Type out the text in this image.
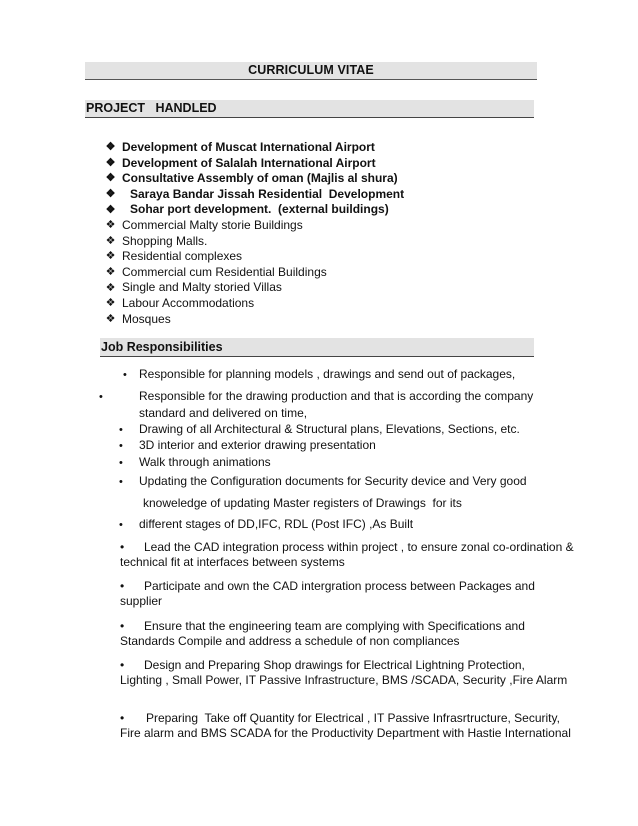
CURRICULUM VITAE
PROJECT   HANDLED
❖ Development of Muscat International Airport
❖ Development of Salalah International Airport
❖ Consultative Assembly of oman (Majlis al shura)
❖	Saraya Bandar Jissah Residential  Development
❖	Sohar port development.  (external buildings)
❖ Commercial Malty storie Buildings
❖ Shopping Malls.
❖ Residential complexes
❖ Commercial cum Residential Buildings
❖ Single and Malty storied Villas
❖ Labour Accommodations
❖ Mosques
Job Responsibilities
• Responsible for planning models , drawings and send out of packages,
•	Responsible for the drawing production and that is according the company standard and delivered on time,
• Drawing of all Architectural & Structural plans, Elevations, Sections, etc.
• 3D interior and exterior drawing presentation
• Walk through animations
• Updating the Configuration documents for Security device and Very good
knoweledge of updating Master registers of Drawings  for its
• different stages of DD,IFC, RDL (Post IFC) ,As Built
• Lead the CAD integration process within project , to ensure zonal co-ordination & technical fit at interfaces between systems
• Participate and own the CAD intergration process between Packages and supplier
• Ensure that the engineering team are complying with Specifications and Standards Compile and address a schedule of non compliances
• Design and Preparing Shop drawings for Electrical Lightning Protection, Lighting , Small Power, IT Passive Infrastructure, BMS /SCADA, Security ,Fire Alarm
• Preparing  Take off Quantity for Electrical , IT Passive Infrasrtructure, Security, Fire alarm and BMS SCADA for the Productivity Department with Hastie International
